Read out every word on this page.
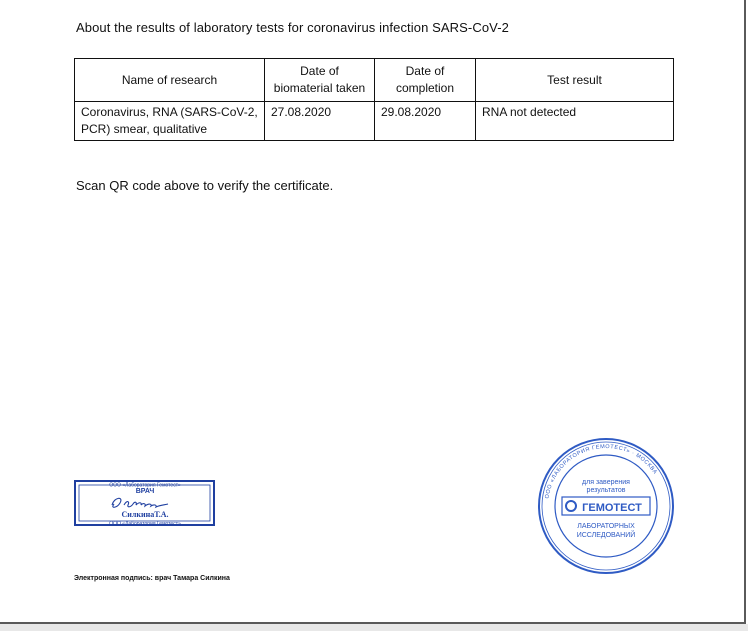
About the results of laboratory tests for coronavirus infection SARS-CoV-2
Name of research	Date of biomaterial taken	Date of completion	Test result
Coronavirus, RNA (SARS-CoV-2, PCR) smear, qualitative	27.08.2020	29.08.2020	RNA not detected
Scan QR code above to verify the certificate.
ООО «Лаборатория Гемотест»
ВРАЧ
СилкинаТ.А.
ООО «Лаборатория Гемотест»
Электронная подпись: врач Тамара Силкина
ООО «ЛАБОРАТОРИЯ ГЕМОТЕСТ» · МОСКВА
для заверения
результатов
ГЕМОТЕСТ
ЛАБОРАТОРНЫХ
ИССЛЕДОВАНИЙ
